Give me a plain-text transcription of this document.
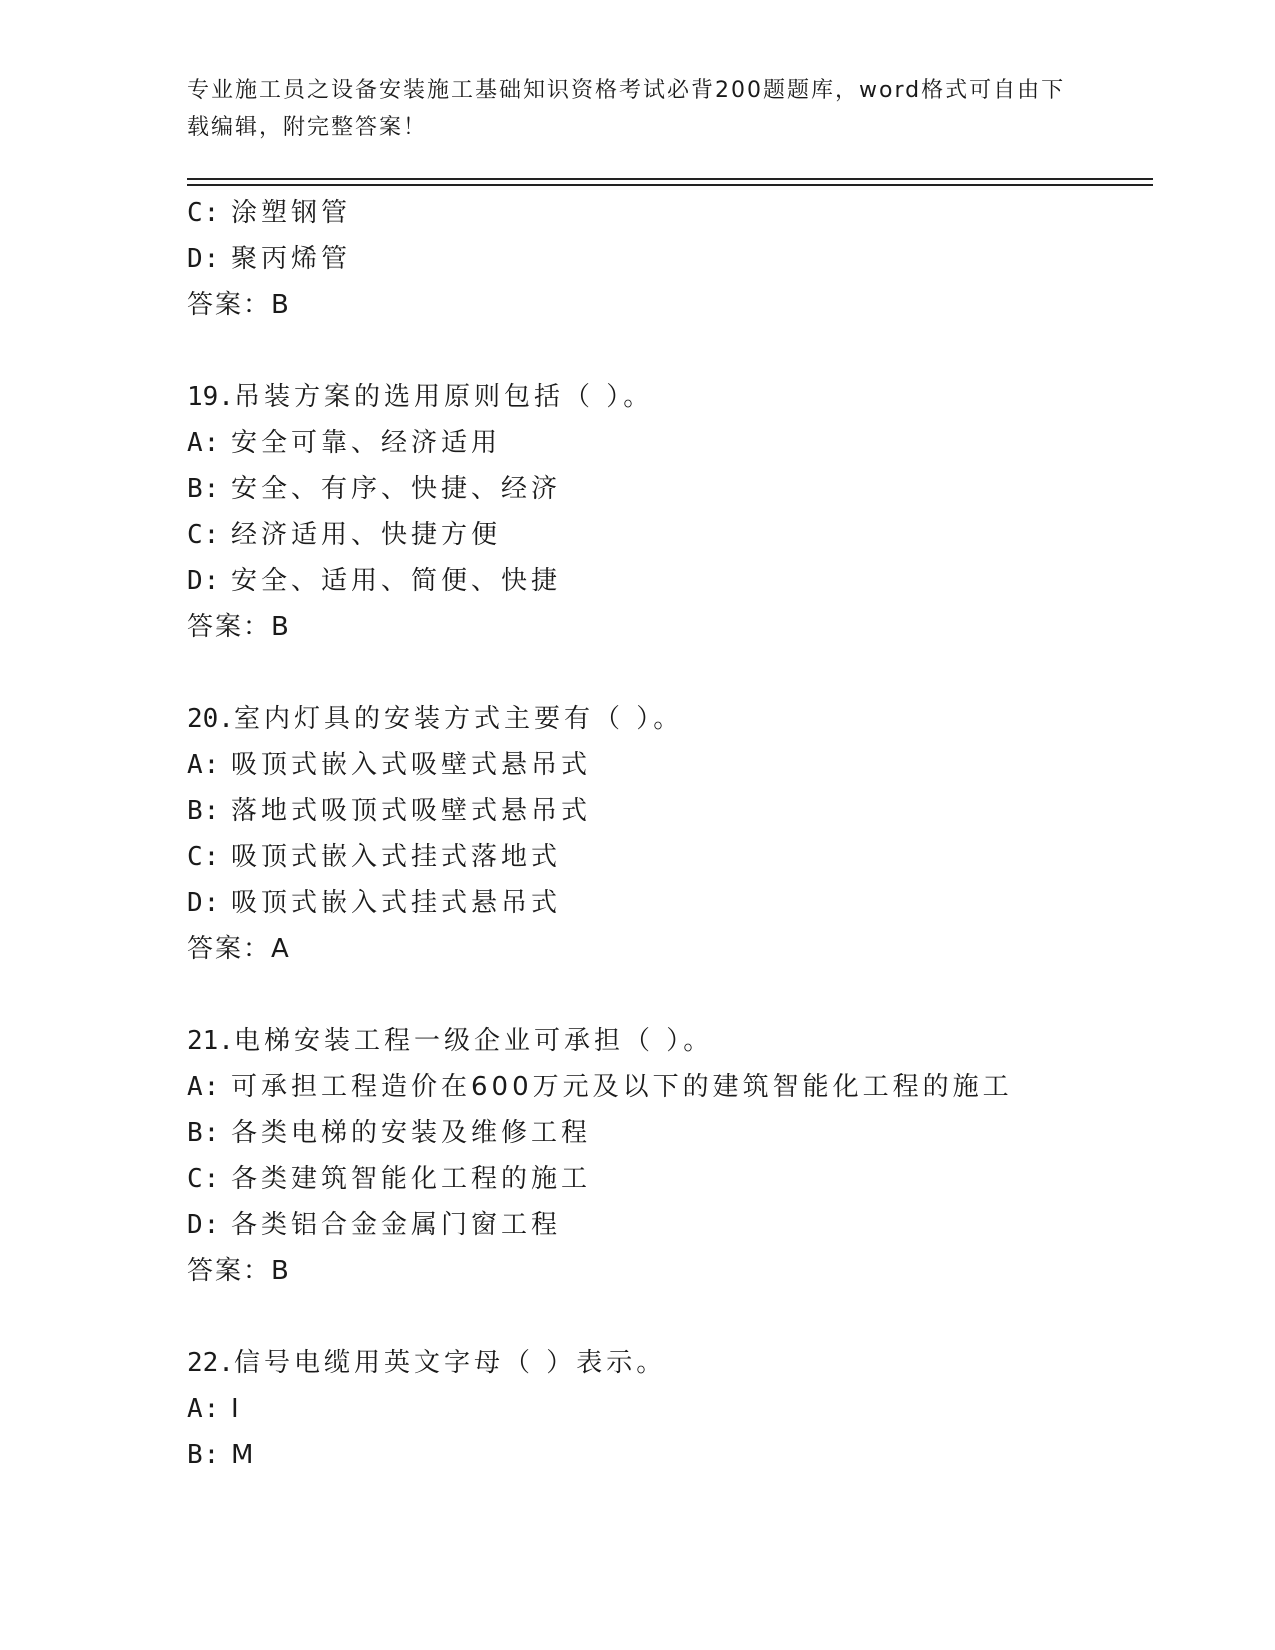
专业施工员之设备安装施工基础知识资格考试必背200题题库，word格式可自由下载编辑，附完整答案！
C: 涂塑钢管
D: 聚丙烯管
答案：B
19.吊装方案的选用原则包括（ ）。
A: 安全可靠、经济适用
B: 安全、有序、快捷、经济
C: 经济适用、快捷方便
D: 安全、适用、简便、快捷
答案：B
20.室内灯具的安装方式主要有（ ）。
A: 吸顶式嵌入式吸壁式悬吊式
B: 落地式吸顶式吸壁式悬吊式
C: 吸顶式嵌入式挂式落地式
D: 吸顶式嵌入式挂式悬吊式
答案：A
21.电梯安装工程一级企业可承担（ ）。
A: 可承担工程造价在600万元及以下的建筑智能化工程的施工
B: 各类电梯的安装及维修工程
C: 各类建筑智能化工程的施工
D: 各类铝合金金属门窗工程
答案：B
22.信号电缆用英文字母（ ）表示。
A: I
B: M
